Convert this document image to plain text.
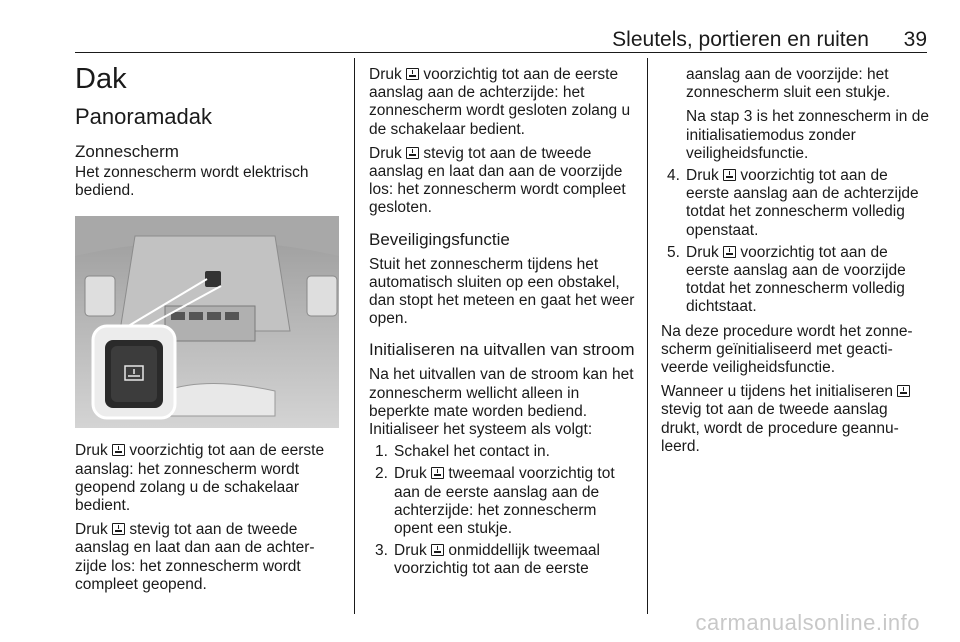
Sleutels, portieren en ruiten 39
Dak
Panoramadak
Zonnescherm

Het zonnescherm wordt elektrisch bediend.

Druk  voorzichtig tot aan de eerste aanslag: het zonnescherm wordt geopend zolang u de schakelaar bedient.

Druk  stevig tot aan de tweede aanslag en laat dan aan de achter-zijde los: het zonnescherm wordt compleet geopend.

Druk  voorzichtig tot aan de eerste aanslag aan de achterzijde: het zonnescherm wordt gesloten zolang u de schakelaar bedient.

Druk  stevig tot aan de tweede aanslag en laat dan aan de voorzijde los: het zonnescherm wordt compleet gesloten.

Beveiligingsfunctie

Stuit het zonnescherm tijdens het automatisch sluiten op een obstakel, dan stopt het meteen en gaat het weer open.

Initialiseren na uitvallen van stroom

Na het uitvallen van de stroom kan het zonnescherm wellicht alleen in beperkte mate worden bediend. Initialiseer het systeem als volgt:

1. Schakel het contact in.
2. Druk  tweemaal voorzichtig tot aan de eerste aanslag aan de achterzijde: het zonnescherm opent een stukje.
3. Druk  onmiddellijk tweemaal voorzichtig tot aan de eerste
aanslag aan de voorzijde: het zonnescherm sluit een stukje.
Na stap 3 is het zonnescherm in de initialisatiemodus zonder veiligheidsfunctie.
4. Druk  voorzichtig tot aan de eerste aanslag aan de achterzijde totdat het zonnescherm volledig openstaat.
5. Druk  voorzichtig tot aan de eerste aanslag aan de voorzijde totdat het zonnescherm volledig dichtstaat.

Na deze procedure wordt het zonne-scherm geïnitialiseerd met geacti-veerde veiligheidsfunctie.

Wanneer u tijdens het initialiseren  stevig tot aan de tweede aanslag drukt, wordt de procedure geannu-leerd.

carmanualsonline.info
